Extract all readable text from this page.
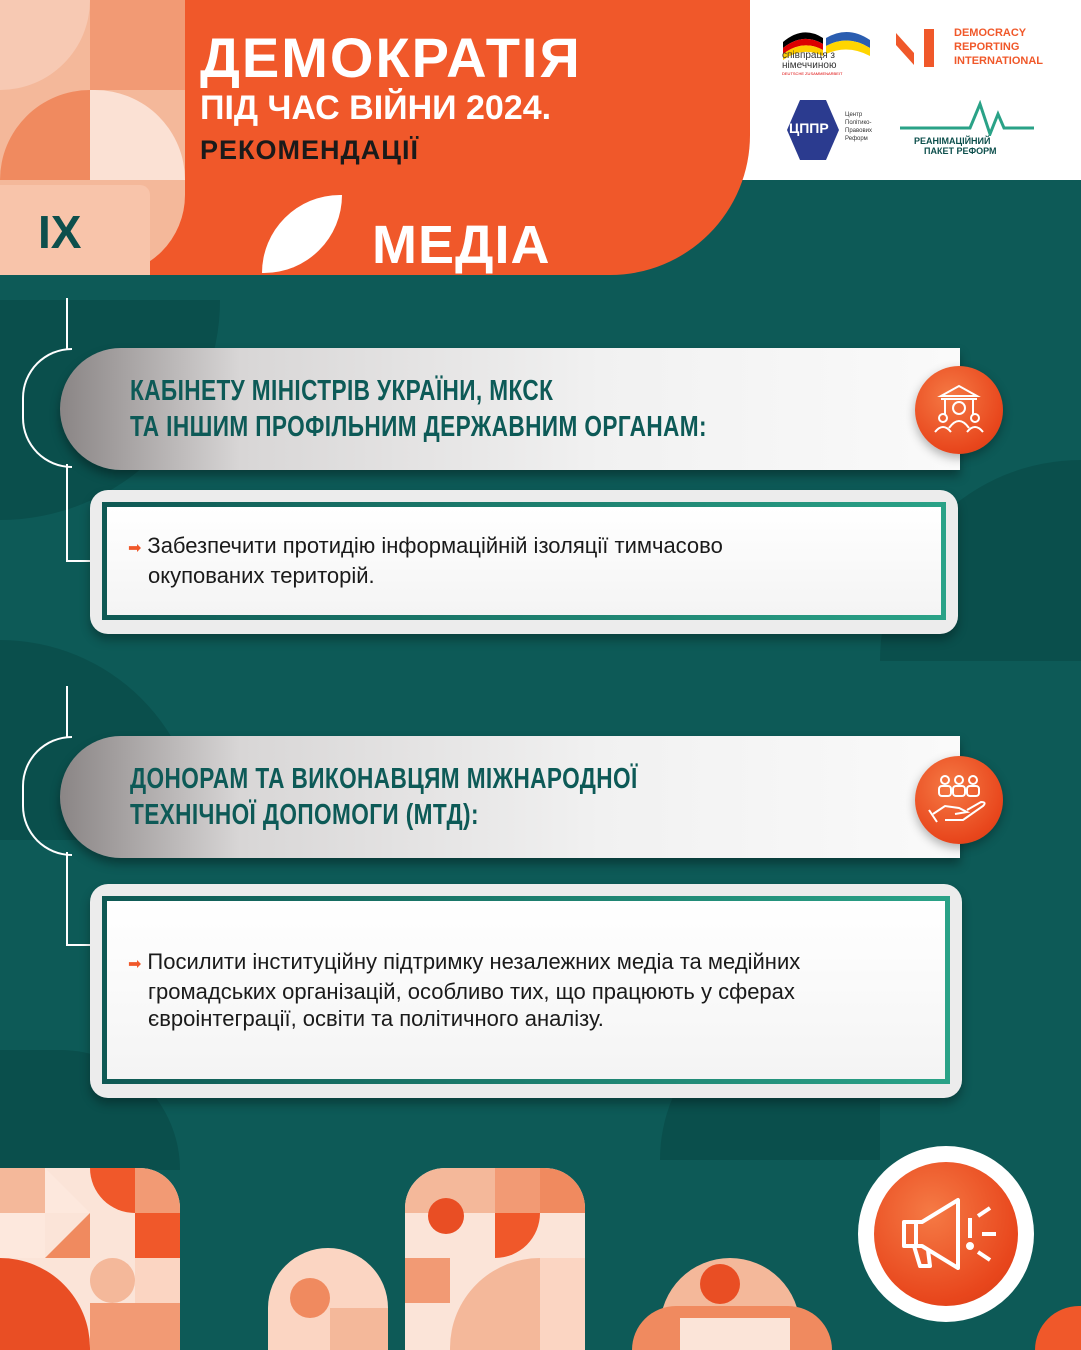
ДЕМОКРАТІЯ
ПІД ЧАС ВІЙНИ 2024.
РЕКОМЕНДАЦІЇ
співпраця з
німеччиною
DEUTSCHE ZUSAMMENARBEIT
DEMOCRACY
REPORTING
INTERNATIONAL
ЦППР
Центр
Політико-
Правових
Реформ	РЕАНІМАЦІЙНИЙ
ПАКЕТ РЕФОРМ
IX	МЕДІА
КАБІНЕТУ МІНІСТРІВ УКРАЇНИ, МКСК
ТА ІНШИМ ПРОФІЛЬНИМ ДЕРЖАВНИМ ОРГАНАМ:
➡ Забезпечити протидію інформаційній ізоляції тимчасово
окупованих територій.
ДОНОРАМ ТА ВИКОНАВЦЯМ МІЖНАРОДНОЇ
ТЕХНІЧНОЇ ДОПОМОГИ (МТД):
➡ Посилити інституційну підтримку незалежних медіа та медійних
громадських організацій, особливо тих, що працюють у сферах
євроінтеграції, освіти та політичного аналізу.
